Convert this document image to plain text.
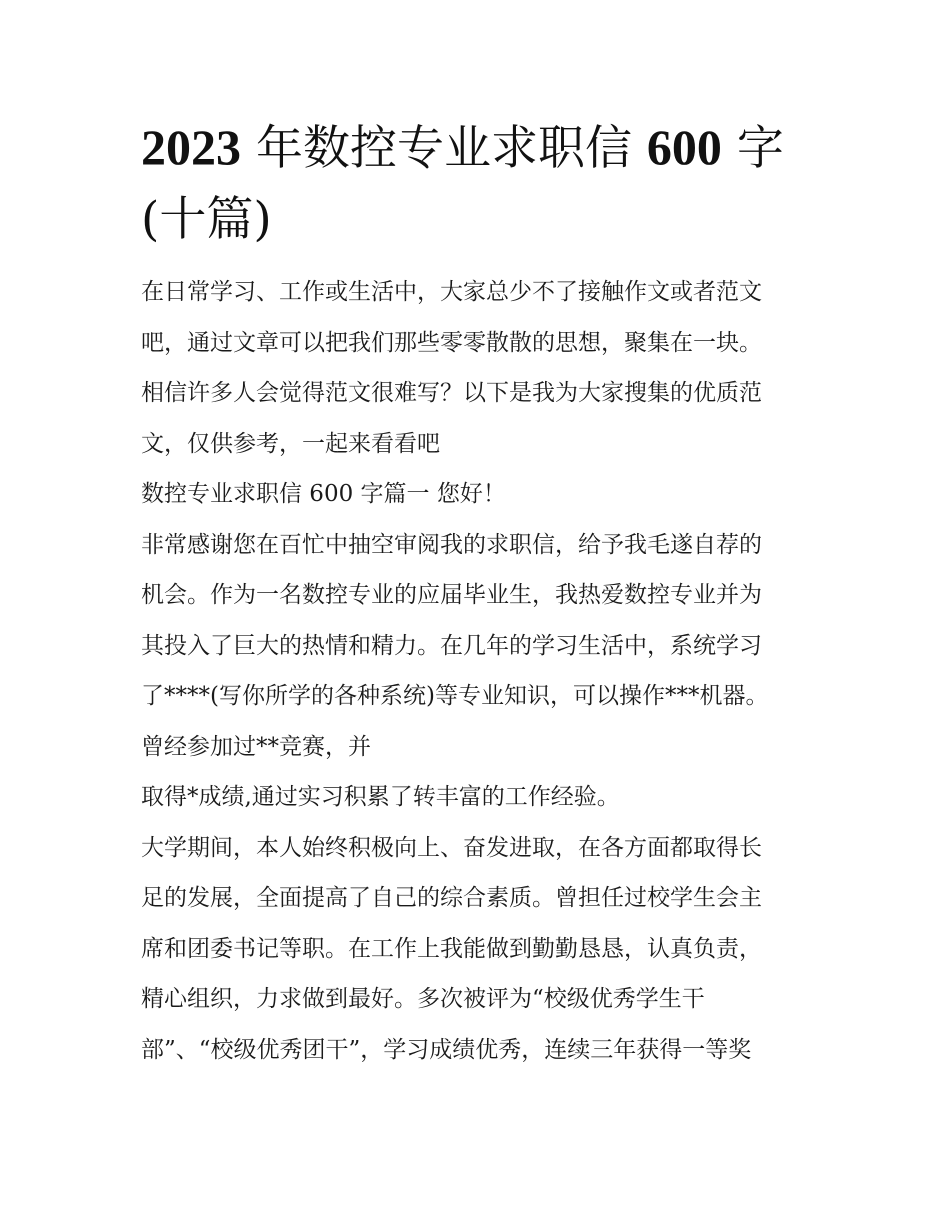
2023 年数控专业求职信 600 字
(十篇)

在日常学习、工作或生活中，大家总少不了接触作文或者范文

吧，通过文章可以把我们那些零零散散的思想，聚集在一块。

相信许多人会觉得范文很难写？以下是我为大家搜集的优质范

文，仅供参考，一起来看看吧

数控专业求职信 600 字篇一 您好！

非常感谢您在百忙中抽空审阅我的求职信，给予我毛遂自荐的

机会。作为一名数控专业的应届毕业生，我热爱数控专业并为

其投入了巨大的热情和精力。在几年的学习生活中，系统学习

了****(写你所学的各种系统)等专业知识，可以操作***机器。

曾经参加过**竞赛，并

取得*成绩,通过实习积累了转丰富的工作经验。

大学期间，本人始终积极向上、奋发进取，在各方面都取得长

足的发展，全面提高了自己的综合素质。曾担任过校学生会主

席和团委书记等职。在工作上我能做到勤勤恳恳，认真负责，

精心组织，力求做到最好。多次被评为“校级优秀学生干

部”、“校级优秀团干”，学习成绩优秀，连续三年获得一等奖
